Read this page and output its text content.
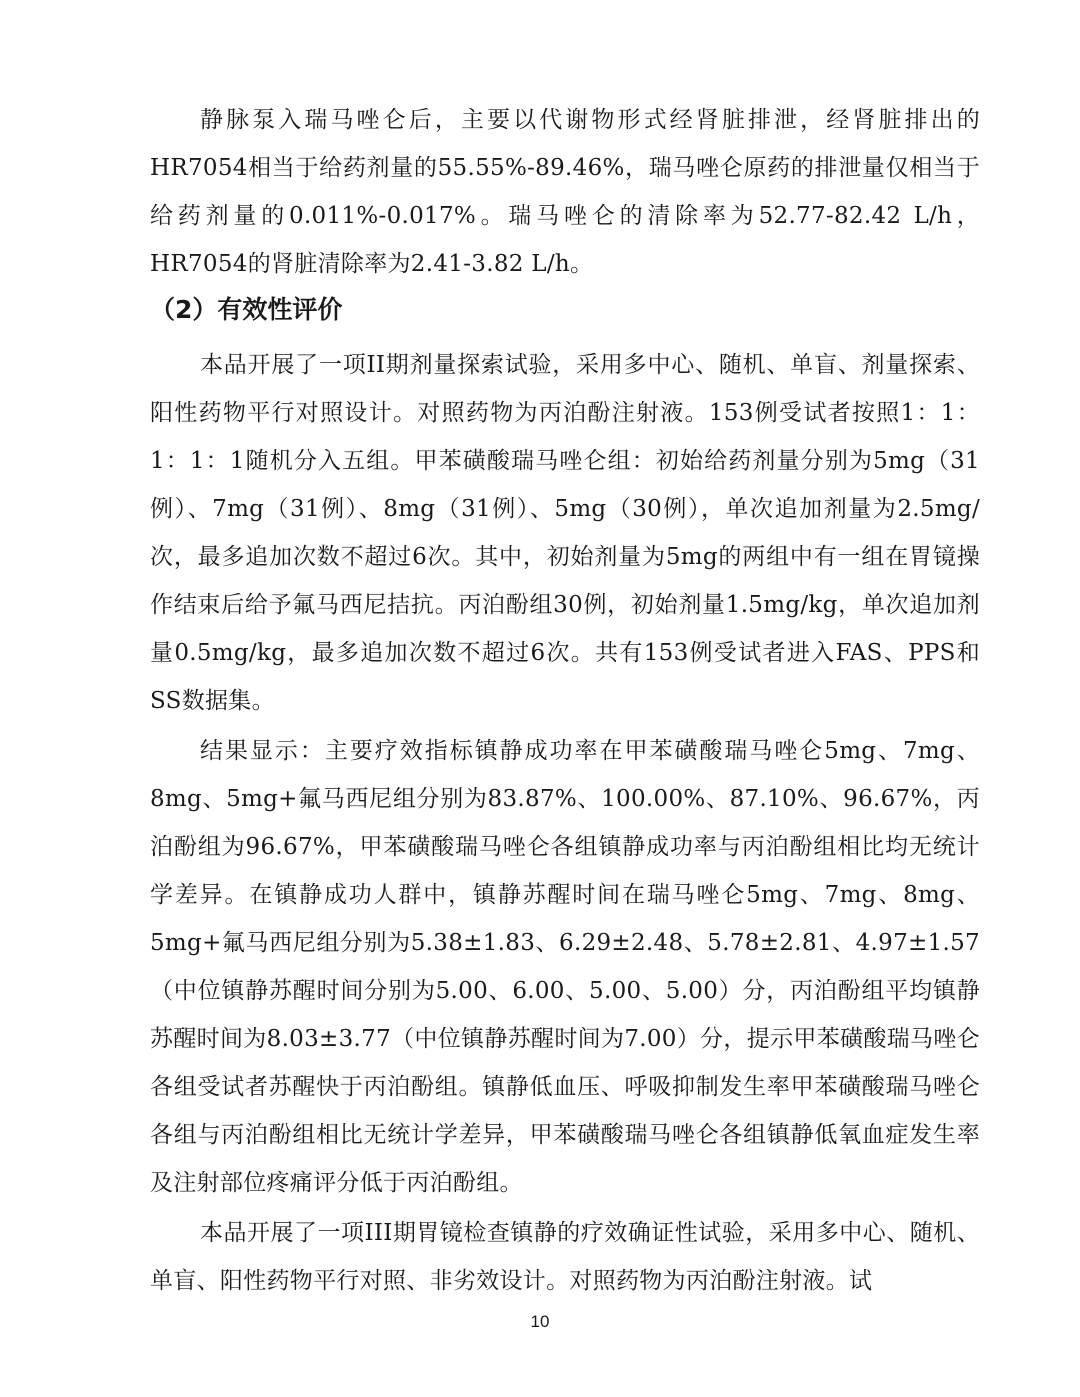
静脉泵入瑞马唑仑后，主要以代谢物形式经肾脏排泄，经肾脏排出的HR7054相当于给药剂量的55.55%-89.46%，瑞马唑仑原药的排泄量仅相当于给药剂量的0.011%-0.017%。瑞马唑仑的清除率为52.77-82.42 L/h，HR7054的肾脏清除率为2.41-3.82 L/h。

（2）有效性评价

本品开展了一项II期剂量探索试验，采用多中心、随机、单盲、剂量探索、阳性药物平行对照设计。对照药物为丙泊酚注射液。153例受试者按照1：1：1：1：1随机分入五组。甲苯磺酸瑞马唑仑组：初始给药剂量分别为5mg（31例）、7mg（31例）、8mg（31例）、5mg（30例），单次追加剂量为2.5mg/次，最多追加次数不超过6次。其中，初始剂量为5mg的两组中有一组在胃镜操作结束后给予氟马西尼拮抗。丙泊酚组30例，初始剂量1.5mg/kg，单次追加剂量0.5mg/kg，最多追加次数不超过6次。共有153例受试者进入FAS、PPS和SS数据集。

结果显示：主要疗效指标镇静成功率在甲苯磺酸瑞马唑仑5mg、7mg、8mg、5mg+氟马西尼组分别为83.87%、100.00%、87.10%、96.67%，丙泊酚组为96.67%，甲苯磺酸瑞马唑仑各组镇静成功率与丙泊酚组相比均无统计学差异。在镇静成功人群中，镇静苏醒时间在瑞马唑仑5mg、7mg、8mg、5mg+氟马西尼组分别为5.38±1.83、6.29±2.48、5.78±2.81、4.97±1.57（中位镇静苏醒时间分别为5.00、6.00、5.00、5.00）分，丙泊酚组平均镇静苏醒时间为8.03±3.77（中位镇静苏醒时间为7.00）分，提示甲苯磺酸瑞马唑仑各组受试者苏醒快于丙泊酚组。镇静低血压、呼吸抑制发生率甲苯磺酸瑞马唑仑各组与丙泊酚组相比无统计学差异，甲苯磺酸瑞马唑仑各组镇静低氧血症发生率及注射部位疼痛评分低于丙泊酚组。

本品开展了一项III期胃镜检查镇静的疗效确证性试验，采用多中心、随机、单盲、阳性药物平行对照、非劣效设计。对照药物为丙泊酚注射液。试

10
